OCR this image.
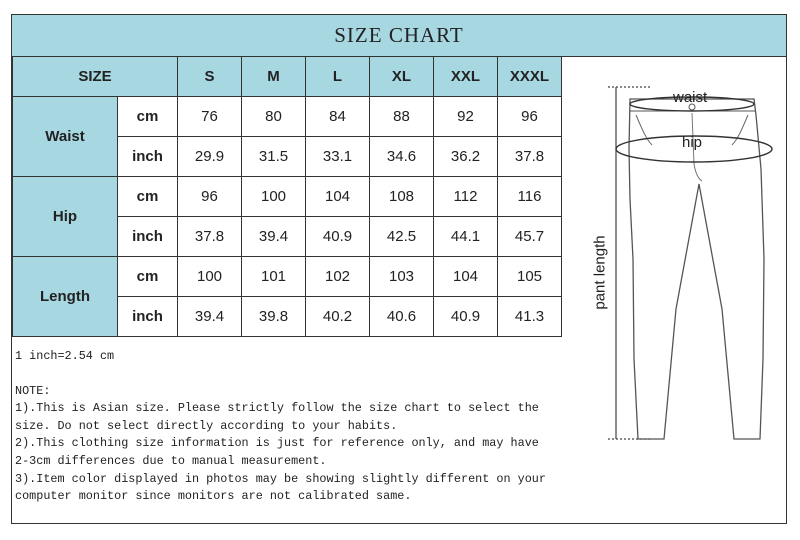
SIZE CHART
SIZE		S	M	L	XL	XXL	XXXL
Waist	cm	76	80	84	88	92	96
	inch	29.9	31.5	33.1	34.6	36.2	37.8
Hip	cm	96	100	104	108	112	116
	inch	37.8	39.4	40.9	42.5	44.1	45.7
Length	cm	100	101	102	103	104	105
	inch	39.4	39.8	40.2	40.6	40.9	41.3
1 inch=2.54 cm
NOTE:
1).This is Asian size. Please strictly follow the size chart to select the
size. Do not select directly according to your habits.
2).This clothing size information is just for reference only, and may have
2-3cm differences due to manual measurement.
3).Item color displayed in photos may be showing slightly different on your
computer monitor since monitors are not calibrated same.
waist
hip
pant length
